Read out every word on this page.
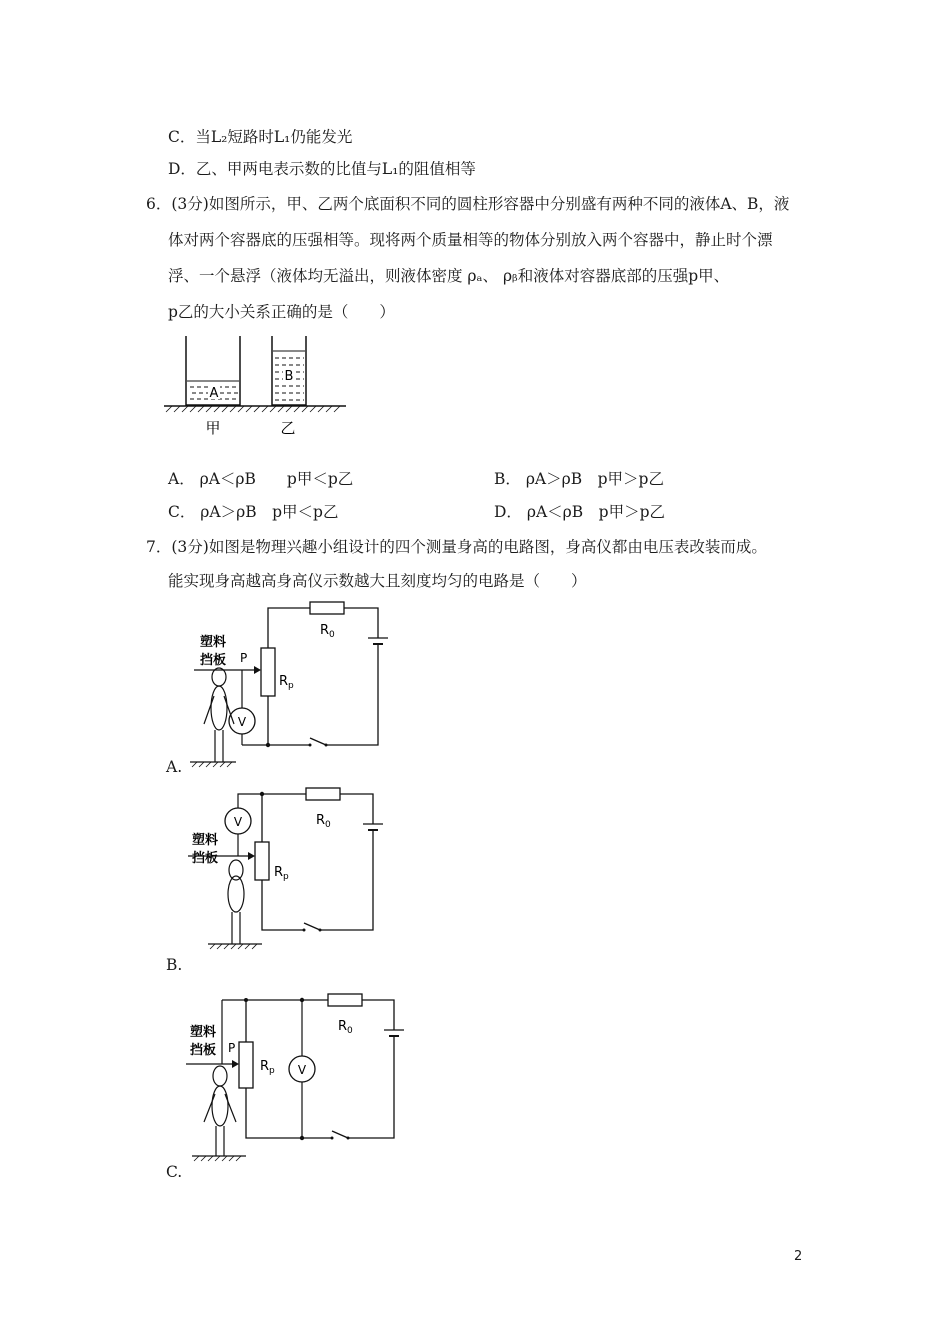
C．当L₂短路时L₁仍能发光
D．乙、甲两电表示数的比值与L₁的阻值相等
6．(3分)如图所示，甲、乙两个底面积不同的圆柱形容器中分别盛有两种不同的液体A、B，液
体对两个容器底的压强相等。现将两个质量相等的物体分别放入两个容器中，静止时个漂
浮、一个悬浮（液体均无溢出，则液体密度 ρₐ、 ρᵦ和液体对容器底部的压强p甲、
p乙的大小关系正确的是（　　）
A
B
甲	乙
A． ρA＜ρB　　p甲＜p乙	B． ρA＞ρB　p甲＞p乙
C． ρA＞ρB　p甲＜p乙	D． ρA＜ρB　p甲＞p乙
7．(3分)如图是物理兴趣小组设计的四个测量身高的电路图，身高仪都由电压表改装而成。
能实现身高越高身高仪示数越大且刻度均匀的电路是（　　）
$R_0$
$R_p$
塑料
挡板 P
V
A.
V	$R_0$
$R_p$
塑料
挡板
B.
V
$R_0$
$R_p$
塑料
挡板 P
C.
2
